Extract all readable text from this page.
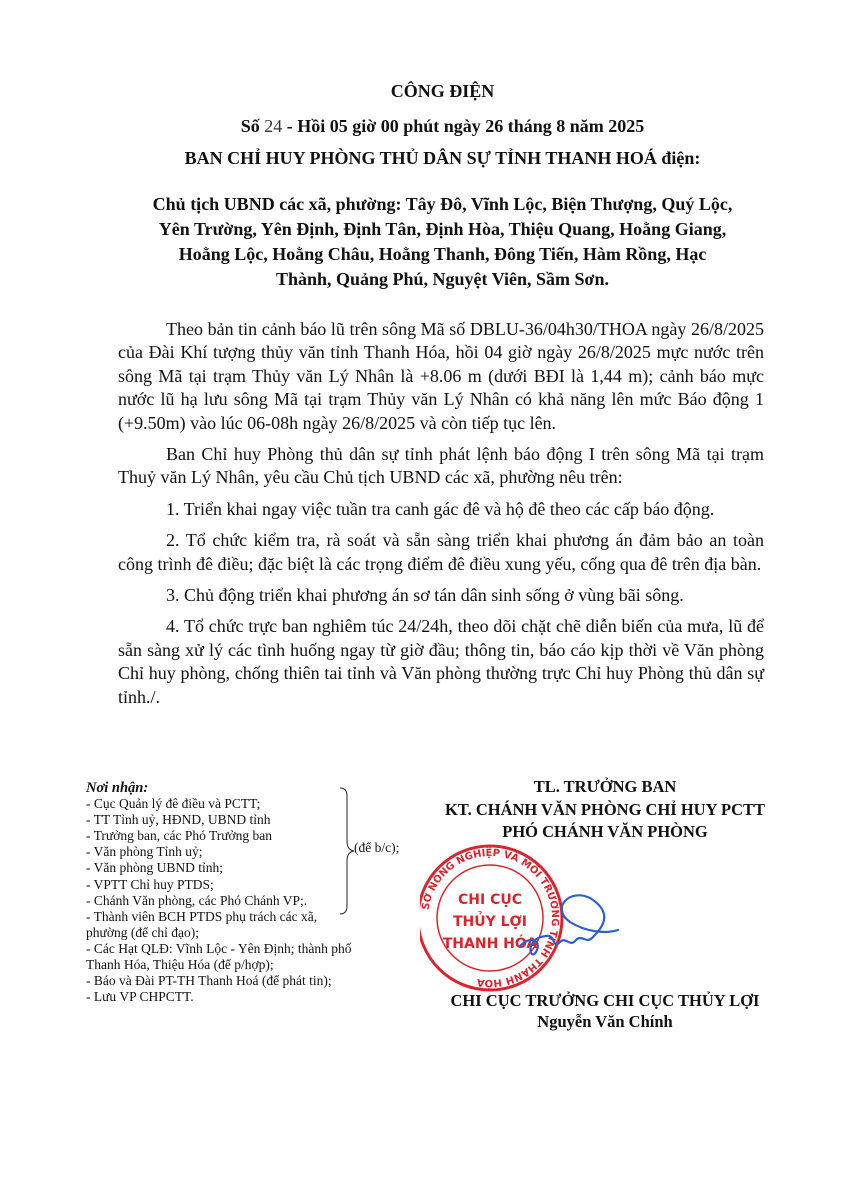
CÔNG ĐIỆN
Số 24 - Hồi 05 giờ 00 phút ngày 26 tháng 8 năm 2025
BAN CHỈ HUY PHÒNG THỦ DÂN SỰ TỈNH THANH HOÁ điện:
Chủ tịch UBND các xã, phường: Tây Đô, Vĩnh Lộc, Biện Thượng, Quý Lộc,
Yên Trường, Yên Định, Định Tân, Định Hòa, Thiệu Quang, Hoằng Giang,
Hoằng Lộc, Hoằng Châu, Hoằng Thanh, Đông Tiến, Hàm Rồng, Hạc
Thành, Quảng Phú, Nguyệt Viên, Sầm Sơn.

Theo bản tin cảnh báo lũ trên sông Mã số DBLU-36/04h30/THOA ngày 26/8/2025 của Đài Khí tượng thủy văn tỉnh Thanh Hóa, hồi 04 giờ ngày 26/8/2025 mực nước trên sông Mã tại trạm Thủy văn Lý Nhân là +8.06 m (dưới BĐI là 1,44 m); cảnh báo mực nước lũ hạ lưu sông Mã tại trạm Thủy văn Lý Nhân có khả năng lên mức Báo động 1 (+9.50m) vào lúc 06-08h ngày 26/8/2025 và còn tiếp tục lên.

Ban Chỉ huy Phòng thủ dân sự tỉnh phát lệnh báo động I trên sông Mã tại trạm Thuỷ văn Lý Nhân, yêu cầu Chủ tịch UBND các xã, phường nêu trên:

1. Triển khai ngay việc tuần tra canh gác đê và hộ đê theo các cấp báo động.

2. Tổ chức kiểm tra, rà soát và sẵn sàng triển khai phương án đảm bảo an toàn công trình đê điều; đặc biệt là các trọng điểm đê điều xung yếu, cống qua đê trên địa bàn.

3. Chủ động triển khai phương án sơ tán dân sinh sống ở vùng bãi sông.

4. Tổ chức trực ban nghiêm túc 24/24h, theo dõi chặt chẽ diễn biến của mưa, lũ để sẵn sàng xử lý các tình huống ngay từ giờ đầu; thông tin, báo cáo kịp thời về Văn phòng Chỉ huy phòng, chống thiên tai tỉnh và Văn phòng thường trực Chỉ huy Phòng thủ dân sự tỉnh./.

Nơi nhận:
- Cục Quản lý đê điều và PCTT;
- TT Tỉnh uỷ, HĐND, UBND tỉnh
- Trưởng ban, các Phó Trưởng ban
- Văn phòng Tỉnh uỷ;
- Văn phòng UBND tỉnh;
- VPTT Chỉ huy PTDS;
- Chánh Văn phòng, các Phó Chánh VP;.
- Thành viên BCH PTDS phụ trách các xã, phường (để chỉ đạo);
- Các Hạt QLĐ: Vĩnh Lộc - Yên Định; thành phố Thanh Hóa, Thiệu Hóa (để p/hợp);
- Báo và Đài PT-TH Thanh Hoá (để phát tin);
- Lưu VP CHPCTT.
(để b/c);
TL. TRƯỞNG BAN
KT. CHÁNH VĂN PHÒNG CHỈ HUY PCTT
PHÓ CHÁNH VĂN PHÒNG
SỞ NÔNG NGHIỆP VÀ MÔI TRƯỜNG TỈNH THANH HÓA
CHI CỤC
THỦY LỢI
THANH HÓA
CHI CỤC TRƯỞNG CHI CỤC THỦY LỢI
Nguyễn Văn Chính
